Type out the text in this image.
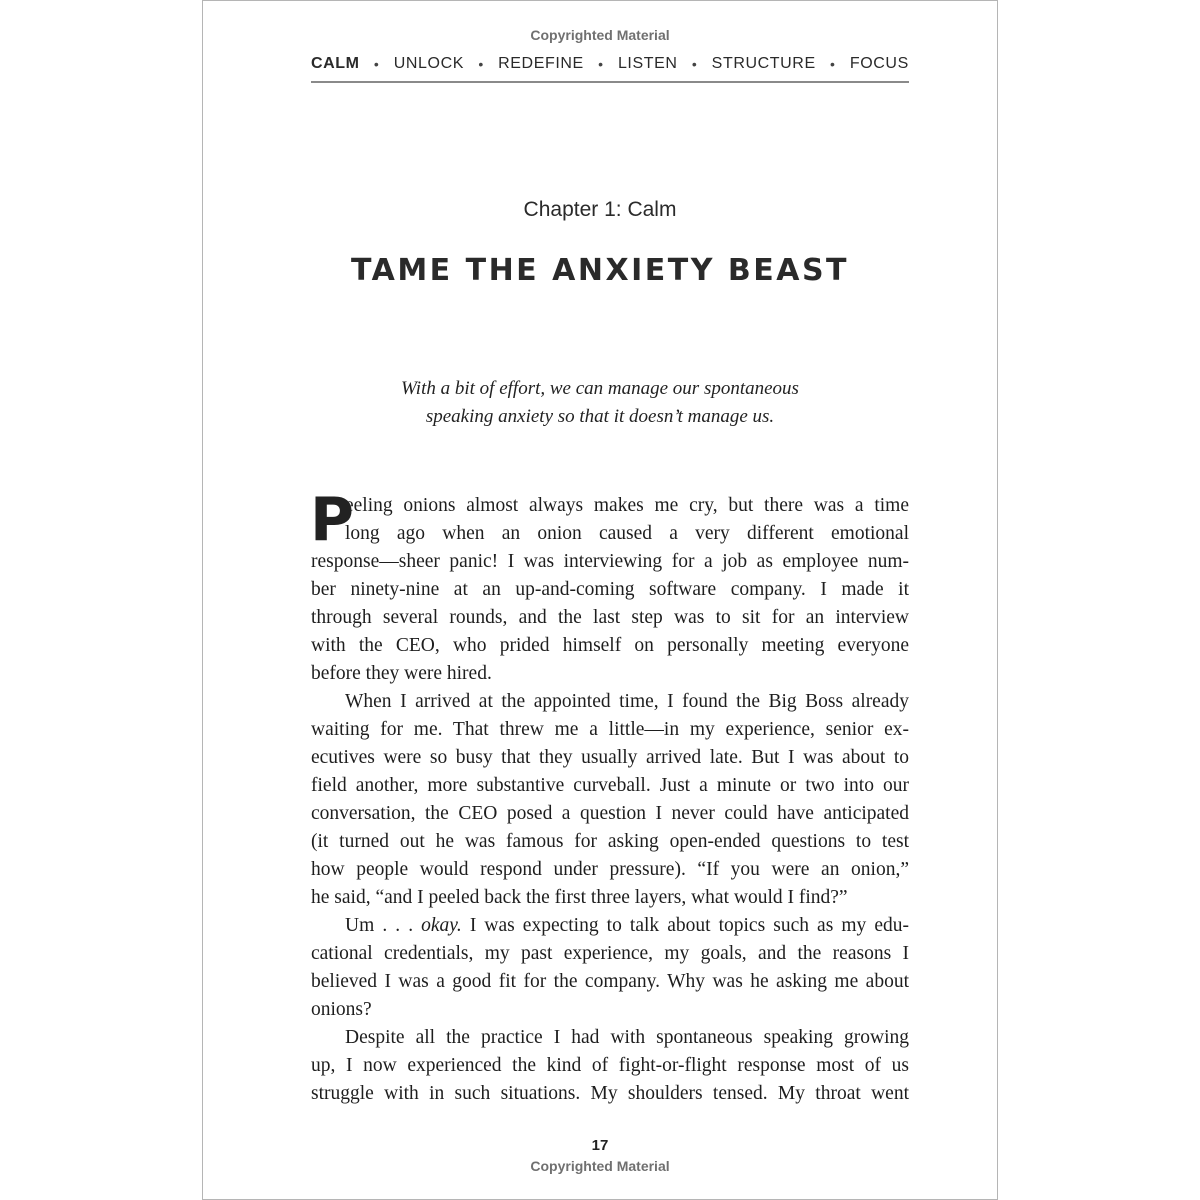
Copyrighted Material
CALM • UNLOCK • REDEFINE • LISTEN • STRUCTURE • FOCUS
Chapter 1: Calm
TAME THE ANXIETY BEAST
With a bit of effort, we can manage our spontaneous
speaking anxiety so that it doesn’t manage us.
P
eeling onions almost always makes me cry, but there was a time
long ago when an onion caused a very different emotional
response—sheer panic! I was interviewing for a job as employee num-
ber ninety-nine at an up-and-coming software company. I made it
through several rounds, and the last step was to sit for an interview
with the CEO, who prided himself on personally meeting everyone
before they were hired.
When I arrived at the appointed time, I found the Big Boss already
waiting for me. That threw me a little—in my experience, senior ex-
ecutives were so busy that they usually arrived late. But I was about to
field another, more substantive curveball. Just a minute or two into our
conversation, the CEO posed a question I never could have anticipated
(it turned out he was famous for asking open-ended questions to test
how people would respond under pressure). “If you were an onion,”
he said, “and I peeled back the first three layers, what would I find?”
Um . . . okay. I was expecting to talk about topics such as my edu-
cational credentials, my past experience, my goals, and the reasons I
believed I was a good fit for the company. Why was he asking me about
onions?
Despite all the practice I had with spontaneous speaking growing
up, I now experienced the kind of fight-or-flight response most of us
struggle with in such situations. My shoulders tensed. My throat went
17
Copyrighted Material
